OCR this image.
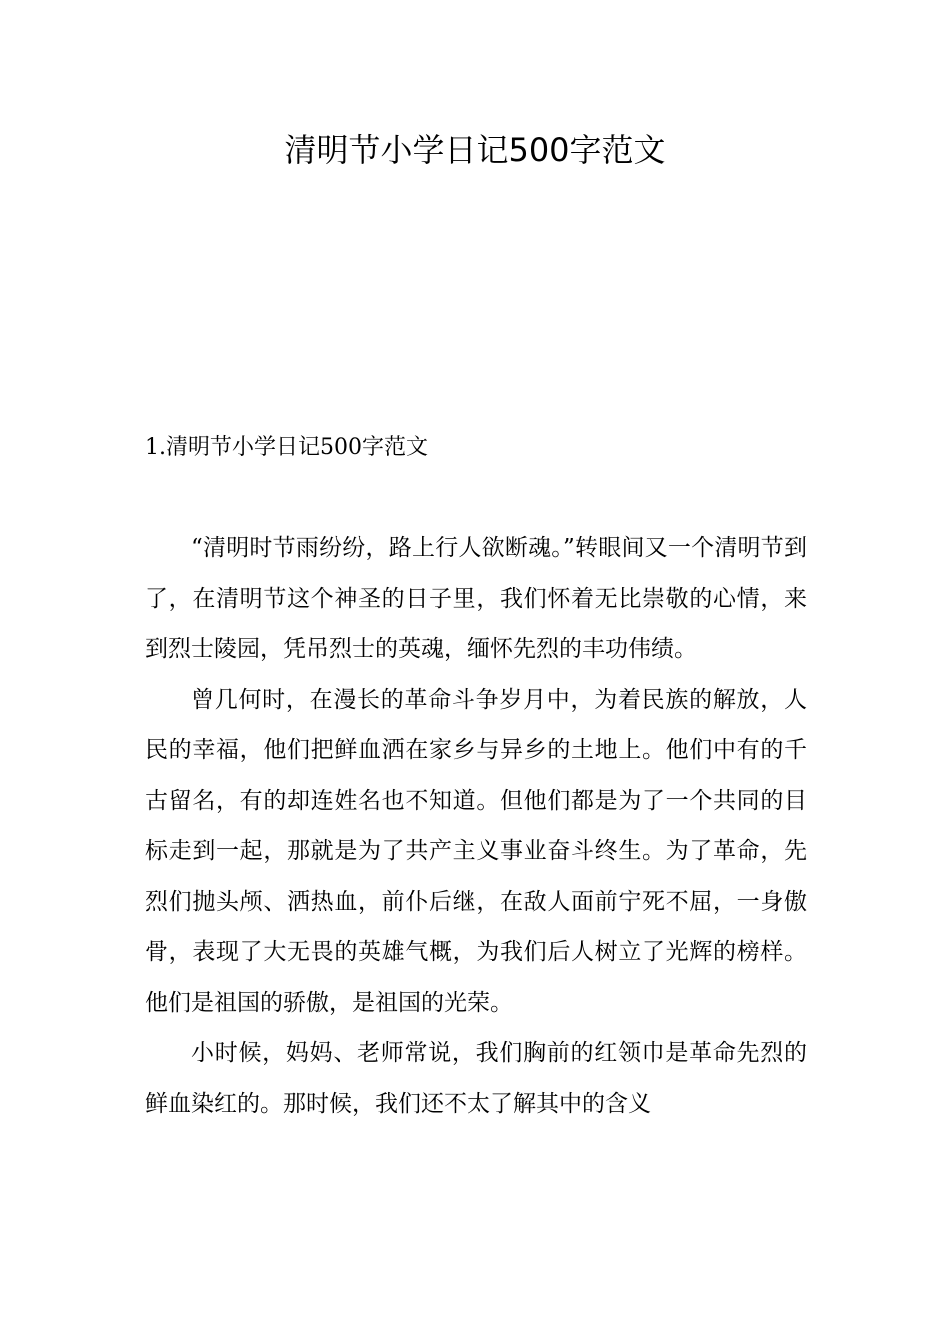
清明节小学日记500字范文
1.清明节小学日记500字范文

“清明时节雨纷纷，路上行人欲断魂。”转眼间又一个清明节到了，在清明节这个神圣的日子里，我们怀着无比崇敬的心情，来到烈士陵园，凭吊烈士的英魂，缅怀先烈的丰功伟绩。

曾几何时，在漫长的革命斗争岁月中，为着民族的解放，人民的幸福，他们把鲜血洒在家乡与异乡的土地上。他们中有的千古留名，有的却连姓名也不知道。但他们都是为了一个共同的目标走到一起，那就是为了共产主义事业奋斗终生。为了革命，先烈们抛头颅、洒热血，前仆后继，在敌人面前宁死不屈，一身傲骨，表现了大无畏的英雄气概，为我们后人树立了光辉的榜样。他们是祖国的骄傲，是祖国的光荣。

小时候，妈妈、老师常说，我们胸前的红领巾是革命先烈的鲜血染红的。那时候，我们还不太了解其中的含义
